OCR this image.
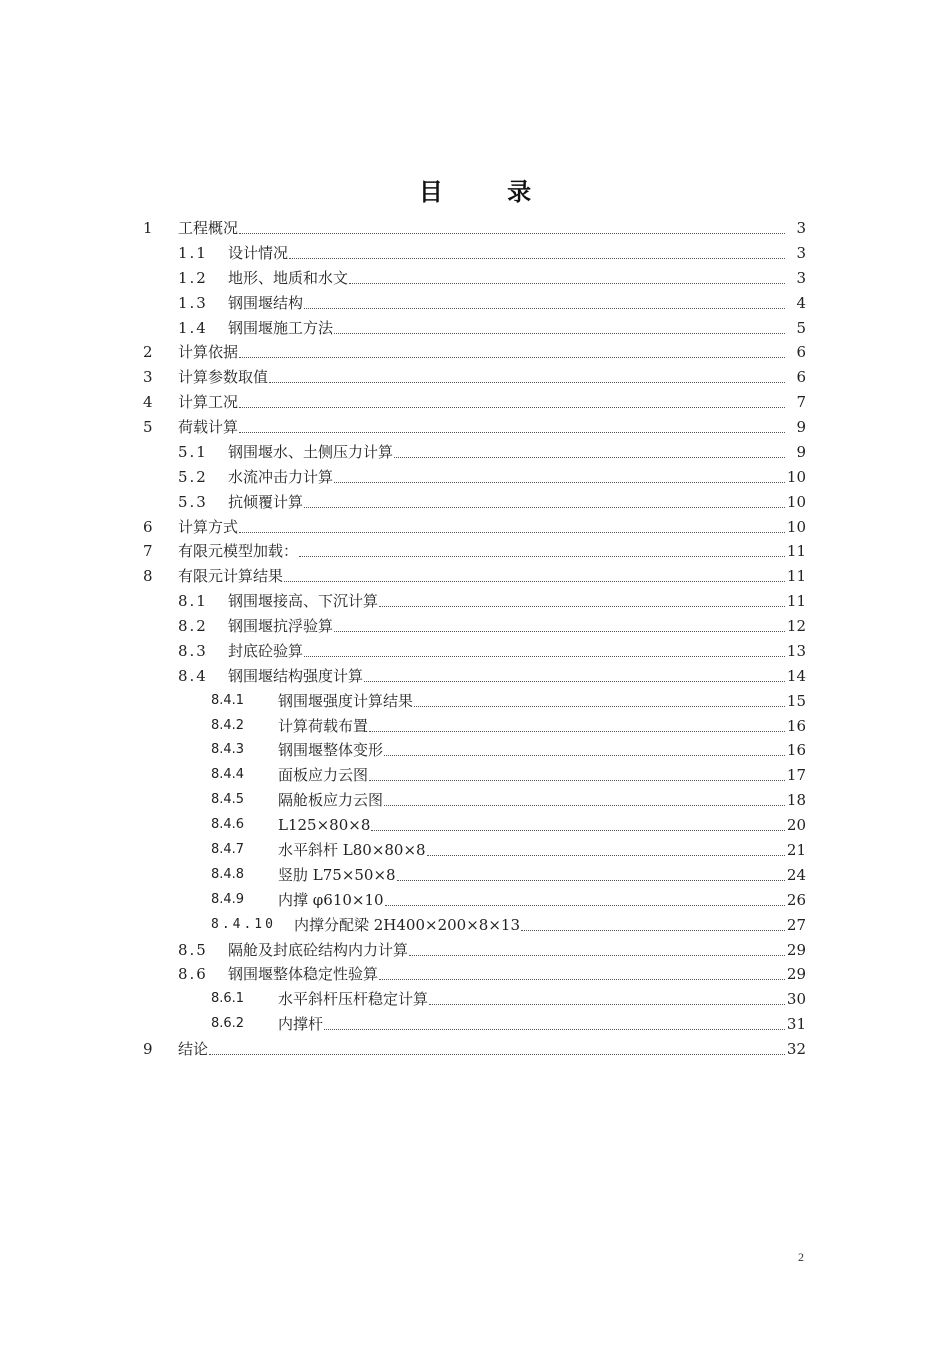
目 录
1 工程概况	3
1.1 设计情况	3
1.2 地形、地质和水文	3
1.3 钢围堰结构	4
1.4 钢围堰施工方法	5
2 计算依据	6
3 计算参数取值	6
4 计算工况	7
5 荷载计算	9
5.1 钢围堰水、土侧压力计算	9
5.2 水流冲击力计算	10
5.3 抗倾覆计算	10
6 计算方式	10
7 有限元模型加载：	11
8 有限元计算结果	11
8.1 钢围堰接高、下沉计算	11
8.2 钢围堰抗浮验算	12
8.3 封底砼验算	13
8.4 钢围堰结构强度计算	14
8.4.1 钢围堰强度计算结果	15
8.4.2 计算荷载布置	16
8.4.3 钢围堰整体变形	16
8.4.4 面板应力云图	17
8.4.5 隔舱板应力云图	18
8.4.6 L125×80×8	20
8.4.7 水平斜杆 L80×80×8	21
8.4.8 竖肋 L75×50×8	24
8.4.9 内撑 φ610×10	26
8.4.10 内撑分配梁 2H400×200×8×13	27
8.5 隔舱及封底砼结构内力计算	29
8.6 钢围堰整体稳定性验算	29
8.6.1 水平斜杆压杆稳定计算	30
8.6.2 内撑杆	31
9 结论	32
2
